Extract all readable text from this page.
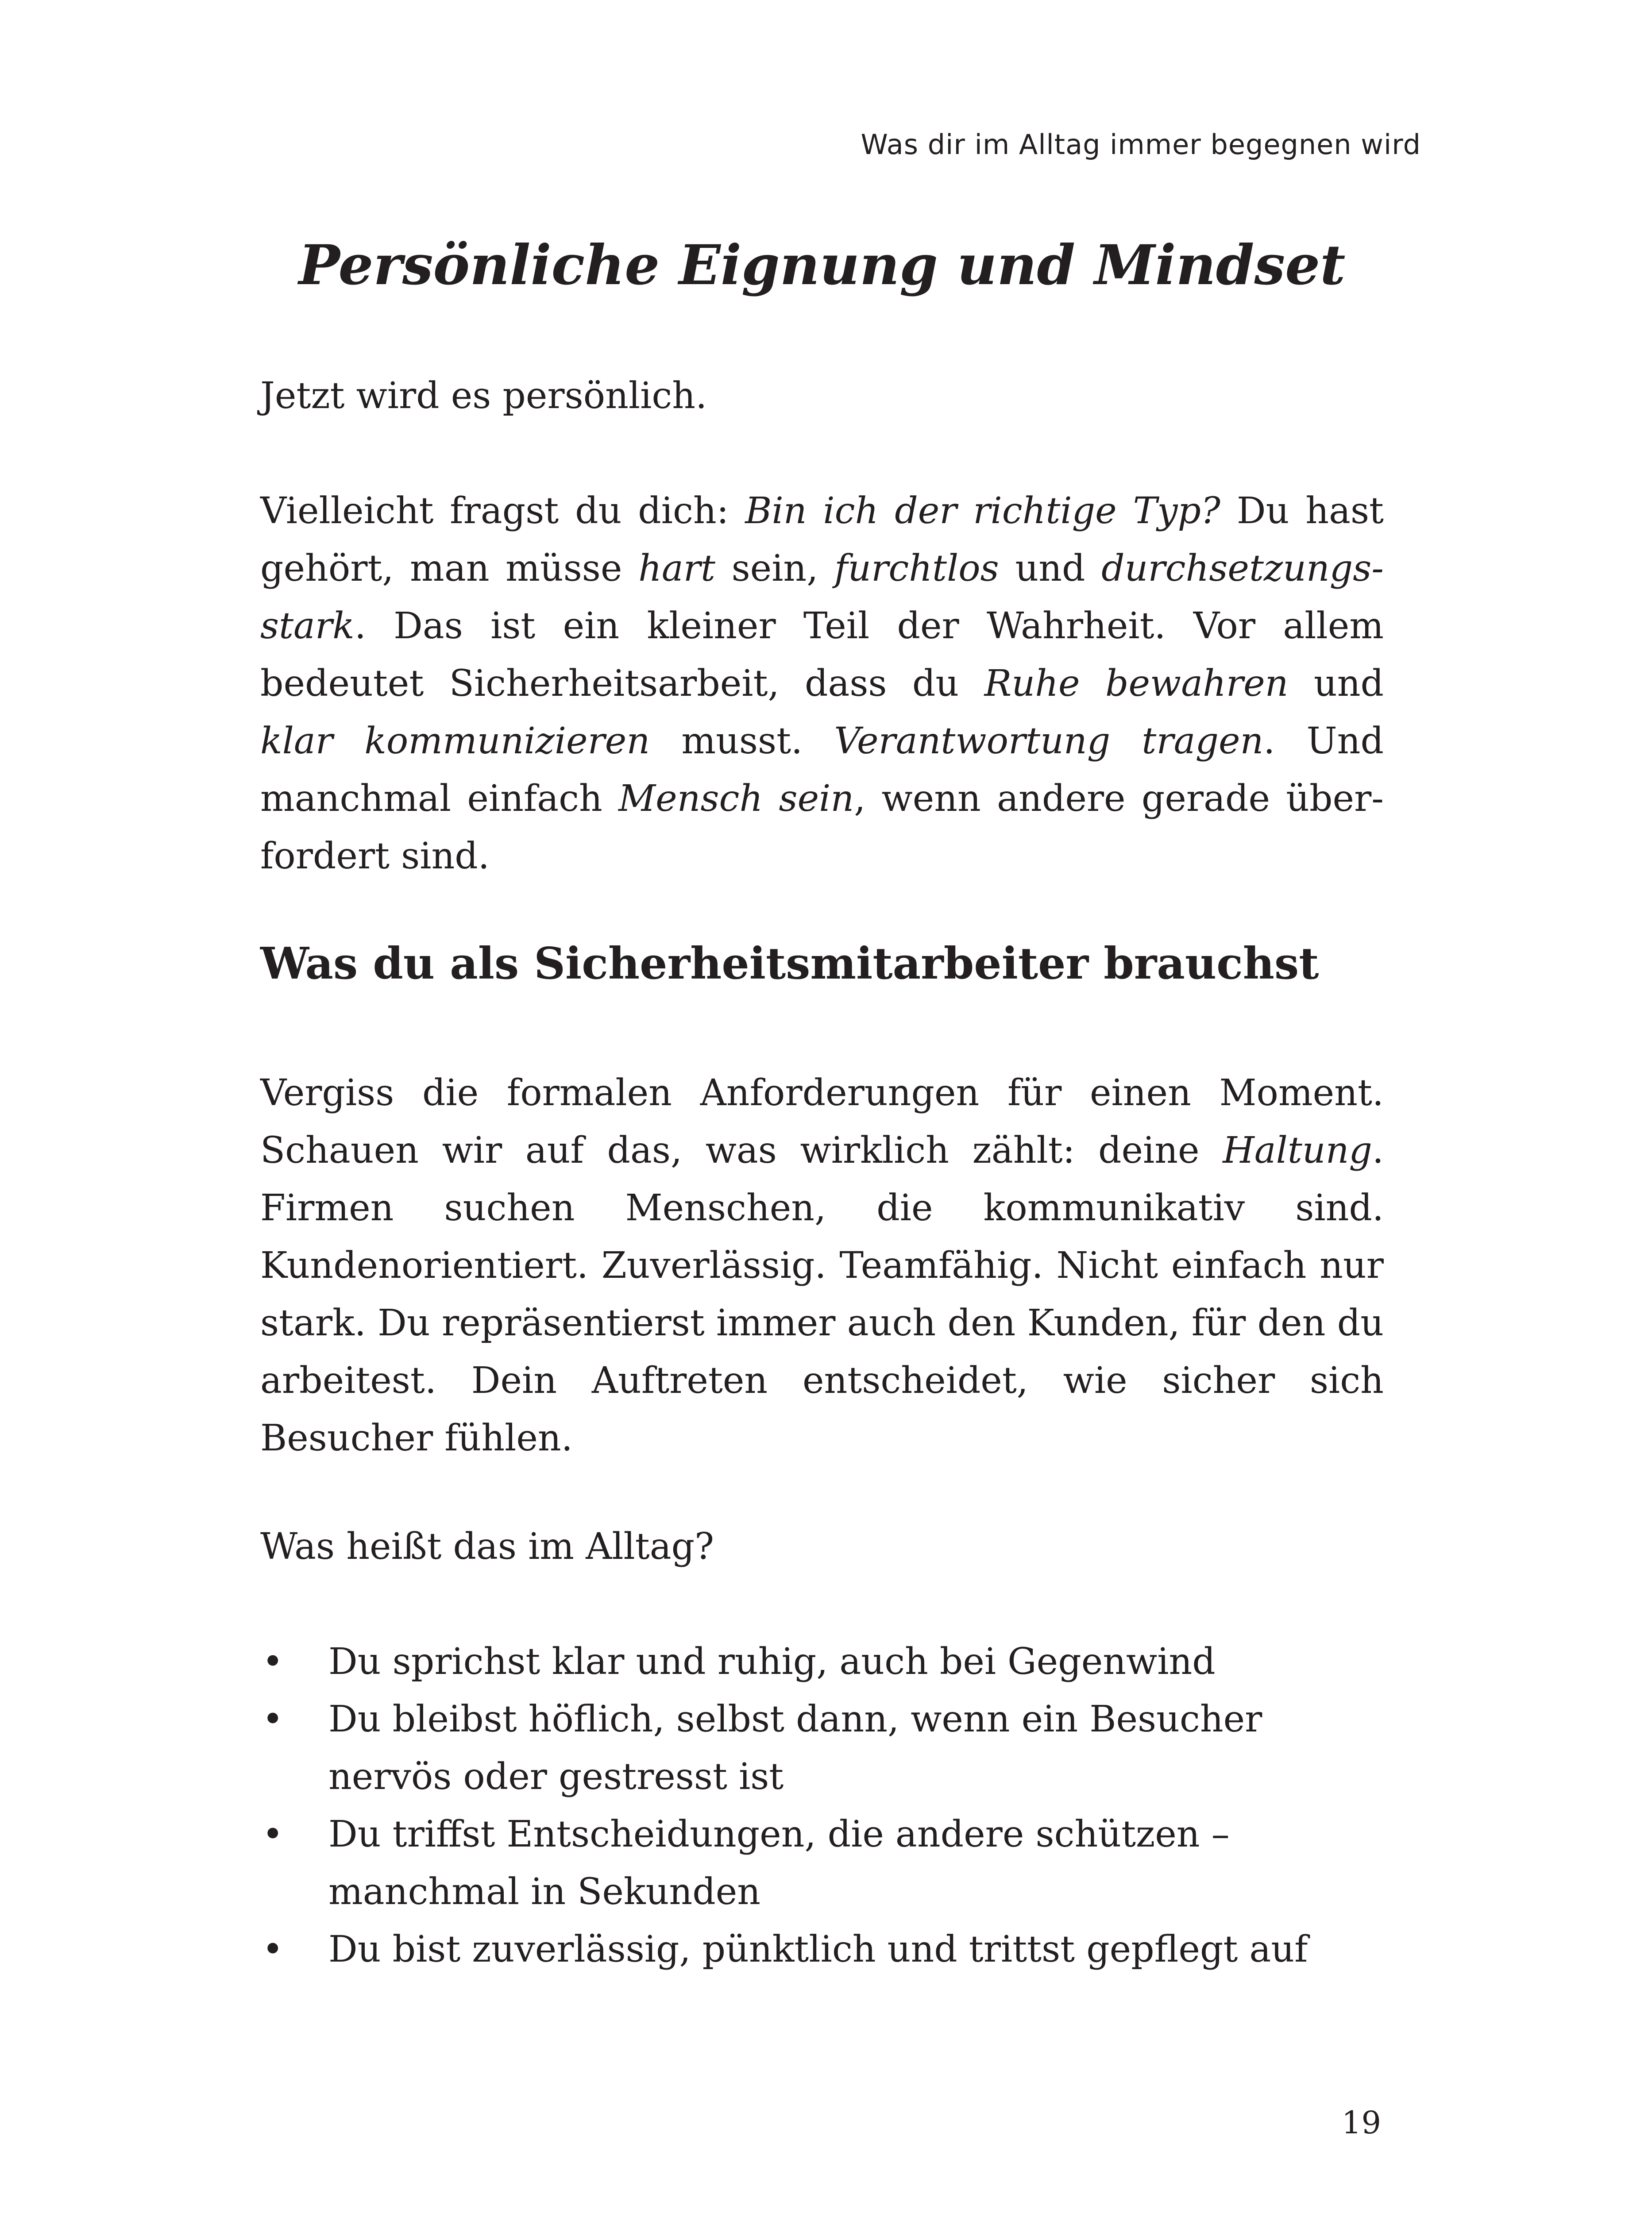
Was dir im Alltag immer begegnen wird
Persönliche Eignung und Mindset

Jetzt wird es persönlich.

Vielleicht fragst du dich: Bin ich der richtige Typ? Du hast gehört, man müsse hart sein, furchtlos und durchsetzungsstark. Das ist ein kleiner Teil der Wahrheit. Vor allem bedeutet Sicherheitsarbeit, dass du Ruhe bewahren und klar kommunizieren musst. Verantwortung tragen. Und manchmal einfach Mensch sein, wenn andere gerade überfordert sind.

Was du als Sicherheitsmitarbeiter brauchst

Vergiss die formalen Anforderungen für einen Moment. Schauen wir auf das, was wirklich zählt: deine Haltung. Firmen suchen Menschen, die kommunikativ sind. Kundenorientiert. Zuverlässig. Teamfähig. Nicht einfach nur stark. Du repräsentierst immer auch den Kunden, für den du arbeitest. Dein Auftreten entscheidet, wie sicher sich Besucher fühlen.

Was heißt das im Alltag?

•	Du sprichst klar und ruhig, auch bei Gegenwind
•	Du bleibst höflich, selbst dann, wenn ein Besucher nervös oder gestresst ist
•	Du triffst Entscheidungen, die andere schützen – manchmal in Sekunden
•	Du bist zuverlässig, pünktlich und trittst gepflegt auf
19
